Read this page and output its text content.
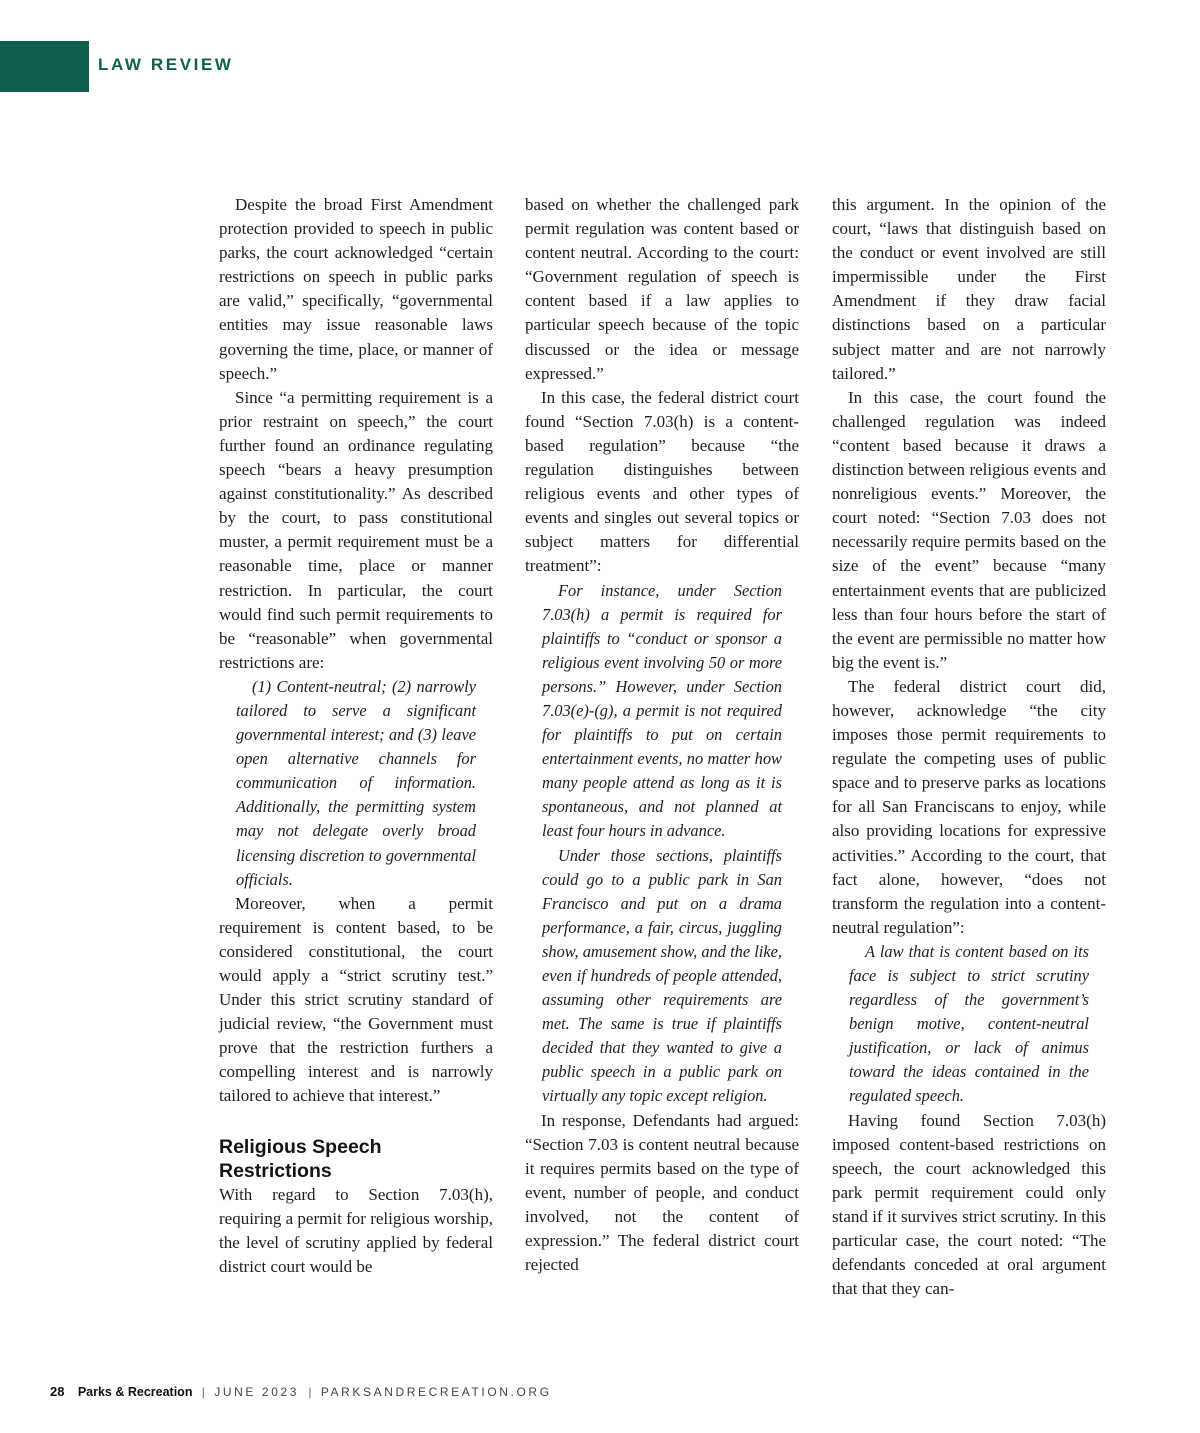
LAW REVIEW

Despite the broad First Amendment protection provided to speech in public parks, the court acknowledged “certain restrictions on speech in public parks are valid,” specifically, “governmental entities may issue reasonable laws governing the time, place, or manner of speech.”

Since “a permitting requirement is a prior restraint on speech,” the court further found an ordinance regulating speech “bears a heavy presumption against constitutionality.” As described by the court, to pass constitutional muster, a permit requirement must be a reasonable time, place or manner restriction. In particular, the court would find such permit requirements to be “reasonable” when governmental restrictions are:

(1) Content-neutral; (2) narrowly tailored to serve a significant governmental interest; and (3) leave open alternative channels for communication of information. Additionally, the permitting system may not delegate overly broad licensing discretion to governmental officials.

Moreover, when a permit requirement is content based, to be considered constitutional, the court would apply a “strict scrutiny test.” Under this strict scrutiny standard of judicial review, “the Government must prove that the restriction furthers a compelling interest and is narrowly tailored to achieve that interest.”

Religious Speech Restrictions

With regard to Section 7.03(h), requiring a permit for religious worship, the level of scrutiny applied by federal district court would be

based on whether the challenged park permit regulation was content based or content neutral. According to the court: “Government regulation of speech is content based if a law applies to particular speech because of the topic discussed or the idea or message expressed.”

In this case, the federal district court found “Section 7.03(h) is a content-based regulation” because “the regulation distinguishes between religious events and other types of events and singles out several topics or subject matters for differential treatment”:

For instance, under Section 7.03(h) a permit is required for plaintiffs to “conduct or sponsor a religious event involving 50 or more persons.” However, under Section 7.03(e)-(g), a permit is not required for plaintiffs to put on certain entertainment events, no matter how many people attend as long as it is spontaneous, and not planned at least four hours in advance.
Under those sections, plaintiffs could go to a public park in San Francisco and put on a drama performance, a fair, circus, juggling show, amusement show, and the like, even if hundreds of people attended, assuming other requirements are met. The same is true if plaintiffs decided that they wanted to give a public speech in a public park on virtually any topic except religion.

In response, Defendants had argued: “Section 7.03 is content neutral because it requires permits based on the type of event, number of people, and conduct involved, not the content of expression.” The federal district court rejected

this argument. In the opinion of the court, “laws that distinguish based on the conduct or event involved are still impermissible under the First Amendment if they draw facial distinctions based on a particular subject matter and are not narrowly tailored.”

In this case, the court found the challenged regulation was indeed “content based because it draws a distinction between religious events and nonreligious events.” Moreover, the court noted: “Section 7.03 does not necessarily require permits based on the size of the event” because “many entertainment events that are publicized less than four hours before the start of the event are permissible no matter how big the event is.”

The federal district court did, however, acknowledge “the city imposes those permit requirements to regulate the competing uses of public space and to preserve parks as locations for all San Franciscans to enjoy, while also providing locations for expressive activities.” According to the court, that fact alone, however, “does not transform the regulation into a content-neutral regulation”:

A law that is content based on its face is subject to strict scrutiny regardless of the government’s benign motive, content-neutral justification, or lack of animus toward the ideas contained in the regulated speech.

Having found Section 7.03(h) imposed content-based restrictions on speech, the court acknowledged this park permit requirement could only stand if it survives strict scrutiny. In this particular case, the court noted: “The defendants conceded at oral argument that that they can-

28 Parks & Recreation | JUNE 2023 | PARKSANDRECREATION.ORG
